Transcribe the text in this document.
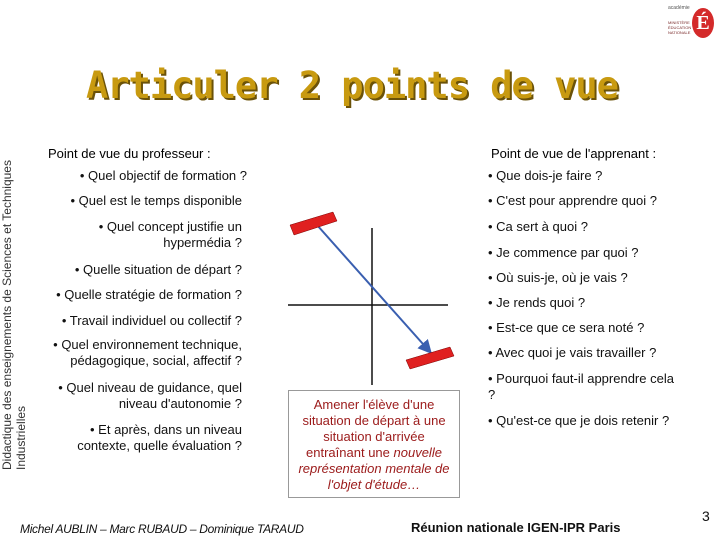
Didactique des enseignements de Sciences et Techniques Industrielles
académie
MINISTÈRE
ÉDUCATION
NATIONALE É
Articuler 2 points de vue
Point de vue du professeur :	Point de vue de l'apprenant :
• Quel objectif de formation ?
• Quel est le temps disponible
• Quel concept justifie un hypermédia ?
• Quelle situation de départ ?
• Quelle stratégie de formation ?
• Travail individuel ou collectif ?
• Quel environnement technique, pédagogique, social, affectif ?
• Quel niveau de guidance, quel niveau d'autonomie ?
• Et après, dans un niveau contexte, quelle évaluation ?
• Que dois-je faire ?
• C'est pour apprendre quoi ?
• Ca sert à quoi ?
• Je commence par quoi ?
• Où suis-je, où je vais ?
• Je rends quoi ?
• Est-ce que ce sera noté ?
• Avec quoi je vais travailler ?
• Pourquoi faut-il apprendre cela ?
• Qu'est-ce que je dois retenir ?
Amener l'élève d'une situation de départ à une situation d'arrivée entraînant une nouvelle représentation mentale de l'objet d'étude…
Michel AUBLIN – Marc RUBAUD – Dominique TARAUD	Réunion nationale IGEN-IPR Paris
3
